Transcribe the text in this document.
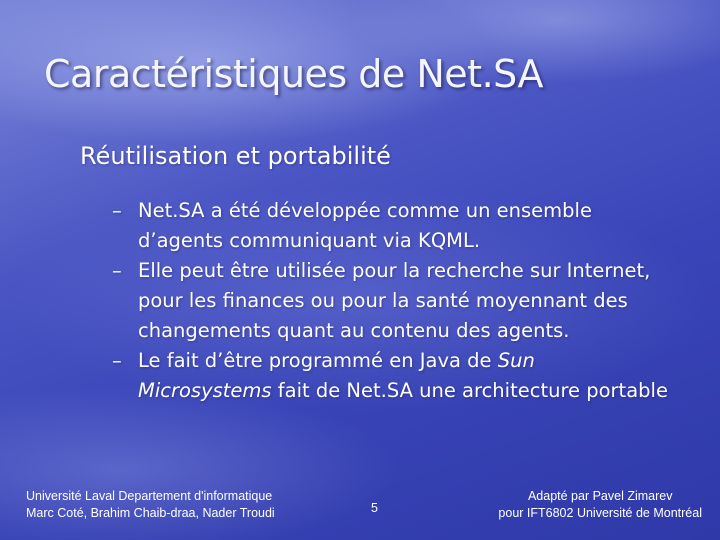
Caractéristiques de Net.SA
Réutilisation et portabilité
– Net.SA a été développée comme un ensemble d’agents communiquant via KQML.
– Elle peut être utilisée pour la recherche sur Internet, pour les finances ou pour la santé moyennant des changements quant au contenu des agents.
– Le fait d’être programmé en Java de Sun Microsystems fait de Net.SA une architecture portable
Université Laval Departement d'informatique
Marc Coté, Brahim Chaib-draa, Nader Troudi	5
Adapté par Pavel Zimarev
pour IFT6802 Université de Montréal
